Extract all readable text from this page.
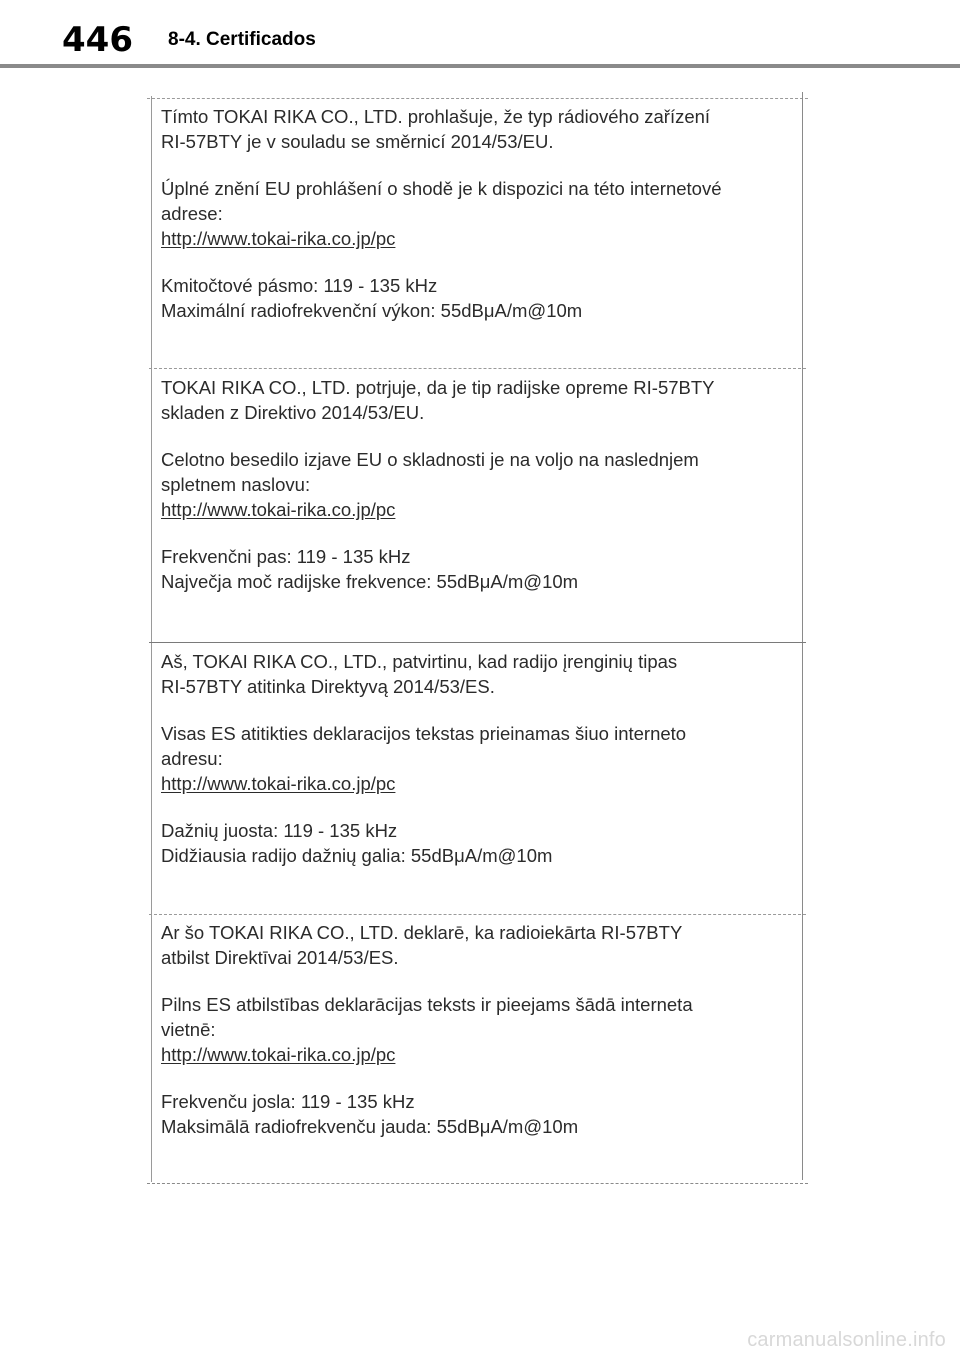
446 8-4. Certificados
Tímto TOKAI RIKA CO., LTD. prohlašuje, že typ rádiového zařízení
RI-57BTY je v souladu se směrnicí 2014/53/EU.
Úplné znění EU prohlášení o shodě je k dispozici na této internetové
adrese:
http://www.tokai-rika.co.jp/pc
Kmitočtové pásmo: 119 - 135 kHz
Maximální radiofrekvenční výkon: 55dBμA/m@10m
TOKAI RIKA CO., LTD. potrjuje, da je tip radijske opreme RI-57BTY
skladen z Direktivo 2014/53/EU.
Celotno besedilo izjave EU o skladnosti je na voljo na naslednjem
spletnem naslovu:
http://www.tokai-rika.co.jp/pc
Frekvenčni pas: 119 - 135 kHz
Največja moč radijske frekvence: 55dBμA/m@10m
Aš, TOKAI RIKA CO., LTD., patvirtinu, kad radijo įrenginių tipas
RI-57BTY atitinka Direktyvą 2014/53/ES.
Visas ES atitikties deklaracijos tekstas prieinamas šiuo interneto
adresu:
http://www.tokai-rika.co.jp/pc
Dažnių juosta: 119 - 135 kHz
Didžiausia radijo dažnių galia: 55dBμA/m@10m
Ar šo TOKAI RIKA CO., LTD. deklarē, ka radioiekārta RI-57BTY
atbilst Direktīvai 2014/53/ES.
Pilns ES atbilstības deklarācijas teksts ir pieejams šādā interneta
vietnē:
http://www.tokai-rika.co.jp/pc
Frekvenču josla: 119 - 135 kHz
Maksimālā radiofrekvenču jauda: 55dBμA/m@10m
carmanualsonline.info
